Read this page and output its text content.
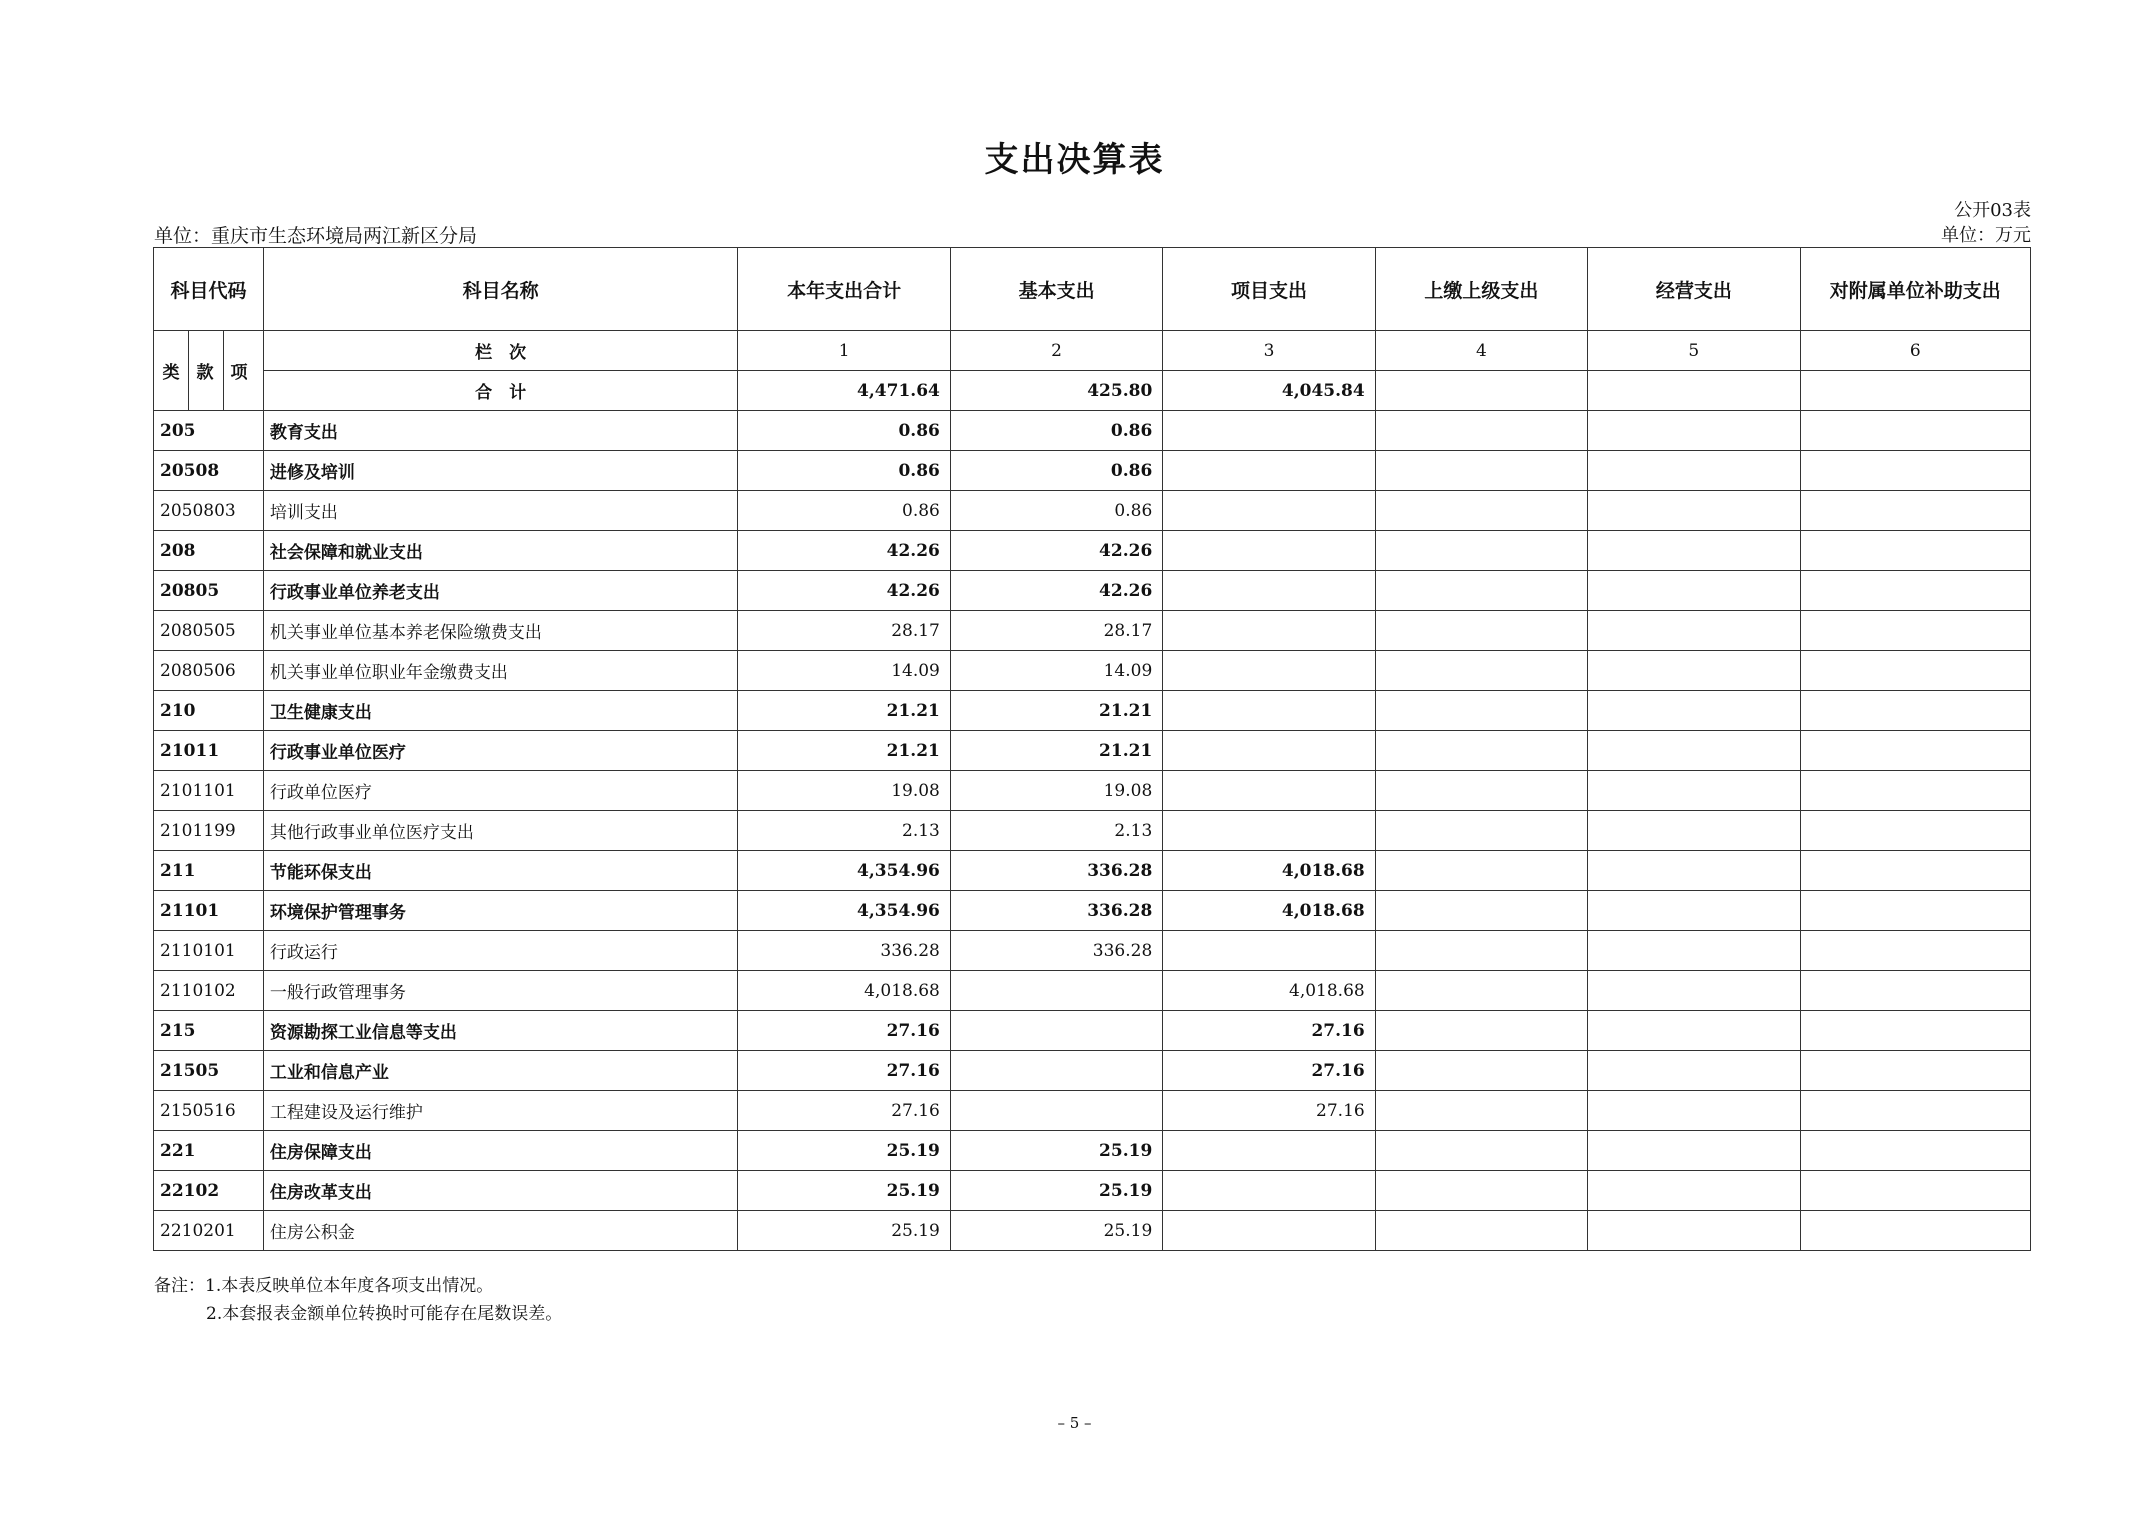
支出决算表
公开03表
单位：重庆市生态环境局两江新区分局	单位：万元
科目代码	科目名称	本年支出合计	基本支出	项目支出	上缴上级支出	经营支出	对附属单位补助支出
类 款 项	栏　次	1	2	3	4	5	6
	合　计	4,471.64	425.80	4,045.84			
205	教育支出	0.86	0.86				
20508	进修及培训	0.86	0.86				
2050803	培训支出	0.86	0.86				
208	社会保障和就业支出	42.26	42.26				
20805	行政事业单位养老支出	42.26	42.26				
2080505	机关事业单位基本养老保险缴费支出	28.17	28.17				
2080506	机关事业单位职业年金缴费支出	14.09	14.09				
210	卫生健康支出	21.21	21.21				
21011	行政事业单位医疗	21.21	21.21				
2101101	行政单位医疗	19.08	19.08				
2101199	其他行政事业单位医疗支出	2.13	2.13				
211	节能环保支出	4,354.96	336.28	4,018.68			
21101	环境保护管理事务	4,354.96	336.28	4,018.68			
2110101	行政运行	336.28	336.28				
2110102	一般行政管理事务	4,018.68		4,018.68			
215	资源勘探工业信息等支出	27.16		27.16			
21505	工业和信息产业	27.16		27.16			
2150516	工程建设及运行维护	27.16		27.16			
221	住房保障支出	25.19	25.19				
22102	住房改革支出	25.19	25.19				
2210201	住房公积金	25.19	25.19				
备注：1.本表反映单位本年度各项支出情况。
2.本套报表金额单位转换时可能存在尾数误差。
– 5 –
